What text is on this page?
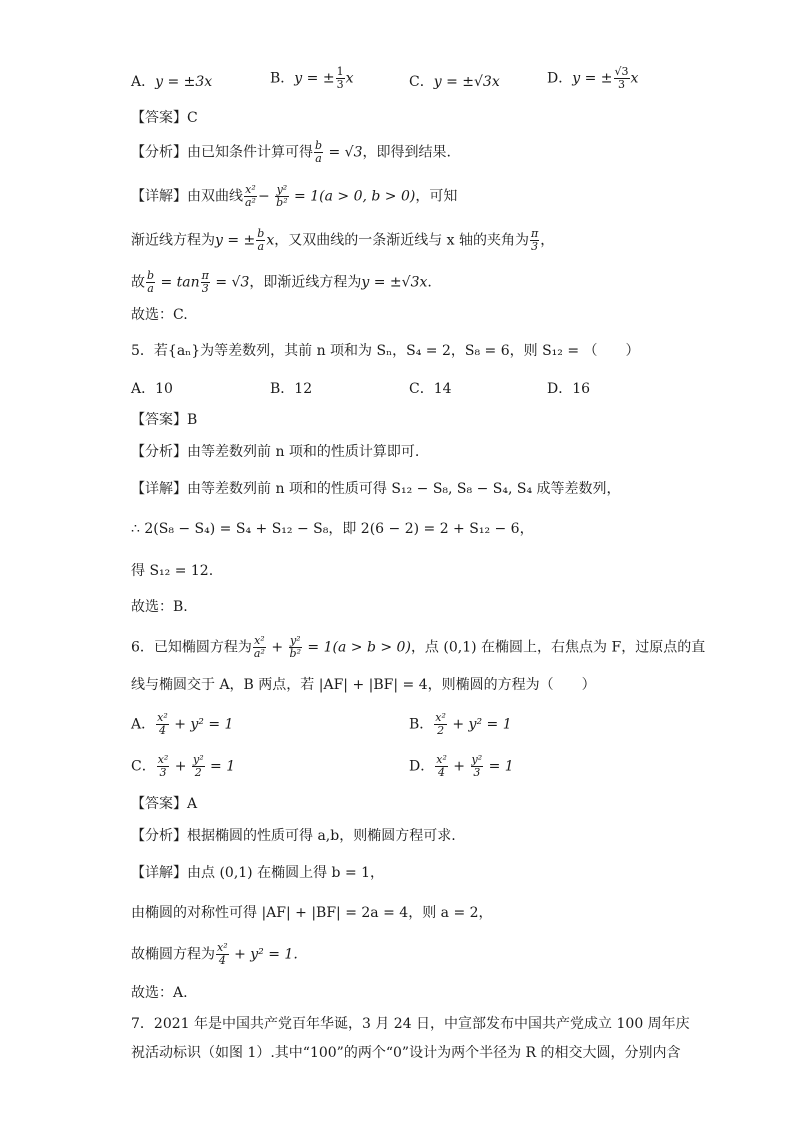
A．y = ±3x	B．y = ± $\frac{1}{3}$ x	C．y = ±√3x	D．y = ± $\frac{√3}{3}$ x
【答案】C
【分析】由已知条件计算可得 $\frac{b}{a} = √3$，即得到结果.
【详解】由双曲线 $\frac{\text{x²}}{\text{a²}} - \frac{\text{y²}}{\text{b²}} = 1(a > 0$, b > 0)，可知
渐近线方程为y = ± $\frac{b}{a}$ x，又双曲线的一条渐近线与 x 轴的夹角为 $\frac{\pi}{3}$ ，
故 $\frac{b}{a} = \tan \frac{\pi}{3} = √3$，即渐近线方程为y = ±√3x.
故选：C.
5．若{aₙ}为等差数列，其前 n 项和为 Sₙ，S₄ = 2，S₈ = 6，则 S₁₂ = （　　）
A．10	B．12	C．14	D．16
【答案】B
【分析】由等差数列前 n 项和的性质计算即可.
【详解】由等差数列前 n 项和的性质可得 S₁₂ − S₈, S₈ − S₄, S₄ 成等差数列，
∴ 2(S₈ − S₄) = S₄ + S₁₂ − S₈，即 2(6 − 2) = 2 + S₁₂ − 6，
得 S₁₂ = 12.
故选：B.
6．已知椭圆方程为 $\frac{\text{x²}}{\text{a²}} + \frac{\text{y²}}{\text{b²}} = 1(a > b > 0)$，点 (0,1) 在椭圆上，右焦点为 F，过原点的直
线与椭圆交于 A，B 两点，若 |AF| + |BF| = 4，则椭圆的方程为（　　）
A． $\frac{\text{x²}}{4} + y^2 = 1$	B． $\frac{\text{x²}}{2} + y^2 = 1$
C． $\frac{\text{x²}}{3} + \frac{\text{y²}}{2} = 1$	D． $\frac{\text{x²}}{4} + \frac{\text{y²}}{3} = 1$
【答案】A
【分析】根据椭圆的性质可得 a,b，则椭圆方程可求.
【详解】由点 (0,1) 在椭圆上得 b = 1，
由椭圆的对称性可得 |AF| + |BF| = 2a = 4，则 a = 2，
故椭圆方程为 $\frac{\text{x²}}{4} + y^2 = 1$.
故选：A.
7．2021 年是中国共产党百年华诞，3 月 24 日，中宣部发布中国共产党成立 100 周年庆
祝活动标识（如图 1）.其中“100”的两个“0”设计为两个半径为 R 的相交大圆，分别内含
